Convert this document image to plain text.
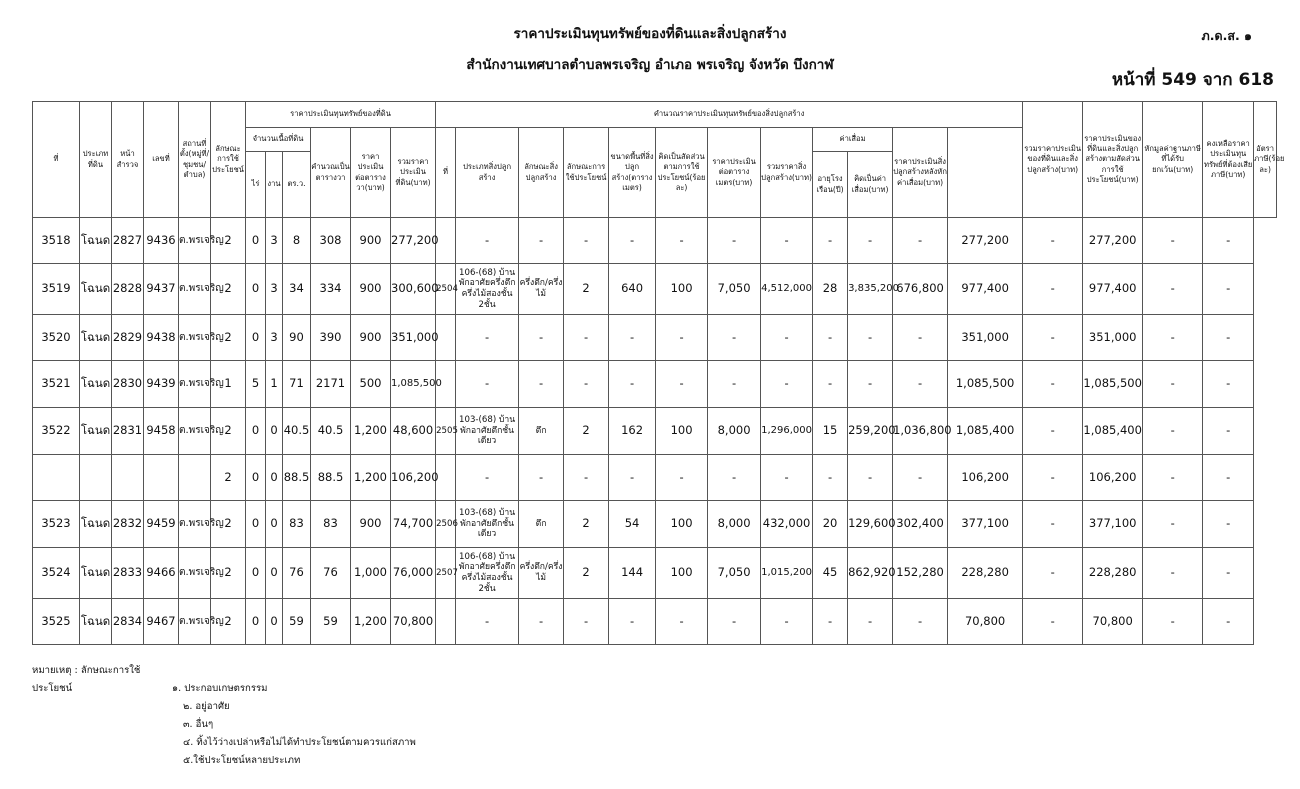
ราคาประเมินทุนทรัพย์ของที่ดินและสิ่งปลูกสร้าง	ภ.ด.ส. ๑
สำนักงานเทศบาลตำบลพรเจริญ อำเภอ พรเจริญ จังหวัด บึงกาฬ
หน้าที่ 549 จาก 618
ที่	ประเภทที่ดิน	หน้าสำรวจ	เลขที่	สถานที่ตั้ง(หมู่ที่/ชุมชน/ตำบล)	ลักษณะการใช้ประโยชน์	ราคาประเมินทุนทรัพย์ของที่ดิน						คำนวณราคาประเมินทุนทรัพย์ของสิ่งปลูกสร้าง												รวมราคาประเมินของที่ดินและสิ่งปลูกสร้าง(บาท)	ราคาประเมินของที่ดินและสิ่งปลูกสร้างตามสัดส่วนการใช้ประโยชน์(บาท)	หักมูลค่าฐานภาษีที่ได้รับยกเว้น(บาท)	คงเหลือราคาประเมินทุนทรัพย์ที่ต้องเสียภาษี(บาท)	อัตราภาษี(ร้อยละ)
						จำนวนเนื้อที่ดิน			คำนวณเป็นตารางวา	ราคาประเมินต่อตารางวา(บาท)	รวมราคาประเมินที่ดิน(บาท)	ที่	ประเภทสิ่งปลูกสร้าง	ลักษณะสิ่งปลูกสร้าง	ลักษณะการใช้ประโยชน์	ขนาดพื้นที่สิ่งปลูกสร้าง(ตารางเมตร)	คิดเป็นสัดส่วนตามการใช้ประโยชน์(ร้อยละ)	ราคาประเมินต่อตารางเมตร(บาท)	รวมราคาสิ่งปลูกสร้าง(บาท)	ค่าเสื่อม		ราคาประเมินสิ่งปลูกสร้างหลังหักค่าเสื่อม(บาท)						
						ไร่	งาน	ตร.ว.												อายุโรงเรือน(ปี)	คิดเป็นค่าเสื่อม(บาท)							
3518	โฉนด	2827	9436	ต.พรเจริญ	2	0	3	8	308	900	277,200		-	-	-	-	-	-	-	-	-	-	277,200	-	277,200	-	-	
3519	โฉนด	2828	9437	ต.พรเจริญ	2	0	3	34	334	900	300,600	2504	106-(68) บ้านพักอาศัยครึ่งตึกครึ่งไม้สองชั้น 2ชั้น	ครึ่งตึก/ครึ่งไม้	2	640	100	7,050	4,512,000	28	3,835,200	676,800	977,400	-	977,400	-	-	
3520	โฉนด	2829	9438	ต.พรเจริญ	2	0	3	90	390	900	351,000		-	-	-	-	-	-	-	-	-	-	351,000	-	351,000	-	-	
3521	โฉนด	2830	9439	ต.พรเจริญ	1	5	1	71	2171	500	1,085,500		-	-	-	-	-	-	-	-	-	-	1,085,500	-	1,085,500	-	-	
3522	โฉนด	2831	9458	ต.พรเจริญ	2	0	0	40.5	40.5	1,200	48,600	2505	103-(68) บ้านพักอาศัยตึกชั้นเดียว	ตึก	2	162	100	8,000	1,296,000	15	259,200	1,036,800	1,085,400	-	1,085,400	-	-	
					2	0	0	88.5	88.5	1,200	106,200		-	-	-	-	-	-	-	-	-	-	106,200	-	106,200	-	-	
3523	โฉนด	2832	9459	ต.พรเจริญ	2	0	0	83	83	900	74,700	2506	103-(68) บ้านพักอาศัยตึกชั้นเดียว	ตึก	2	54	100	8,000	432,000	20	129,600	302,400	377,100	-	377,100	-	-	
3524	โฉนด	2833	9466	ต.พรเจริญ	2	0	0	76	76	1,000	76,000	2507	106-(68) บ้านพักอาศัยครึ่งตึกครึ่งไม้สองชั้น 2ชั้น	ครึ่งตึก/ครึ่งไม้	2	144	100	7,050	1,015,200	45	862,920	152,280	228,280	-	228,280	-	-	
3525	โฉนด	2834	9467	ต.พรเจริญ	2	0	0	59	59	1,200	70,800		-	-	-	-	-	-	-	-	-	-	70,800	-	70,800	-	-	
หมายเหตุ : ลักษณะการใช้ประโยชน์	๑. ประกอบเกษตรกรรม
๒. อยู่อาศัย
๓. อื่นๆ
๔. ทิ้งไว้ว่างเปล่าหรือไม่ได้ทำประโยชน์ตามควรแก่สภาพ
๕.ใช้ประโยชน์หลายประเภท
